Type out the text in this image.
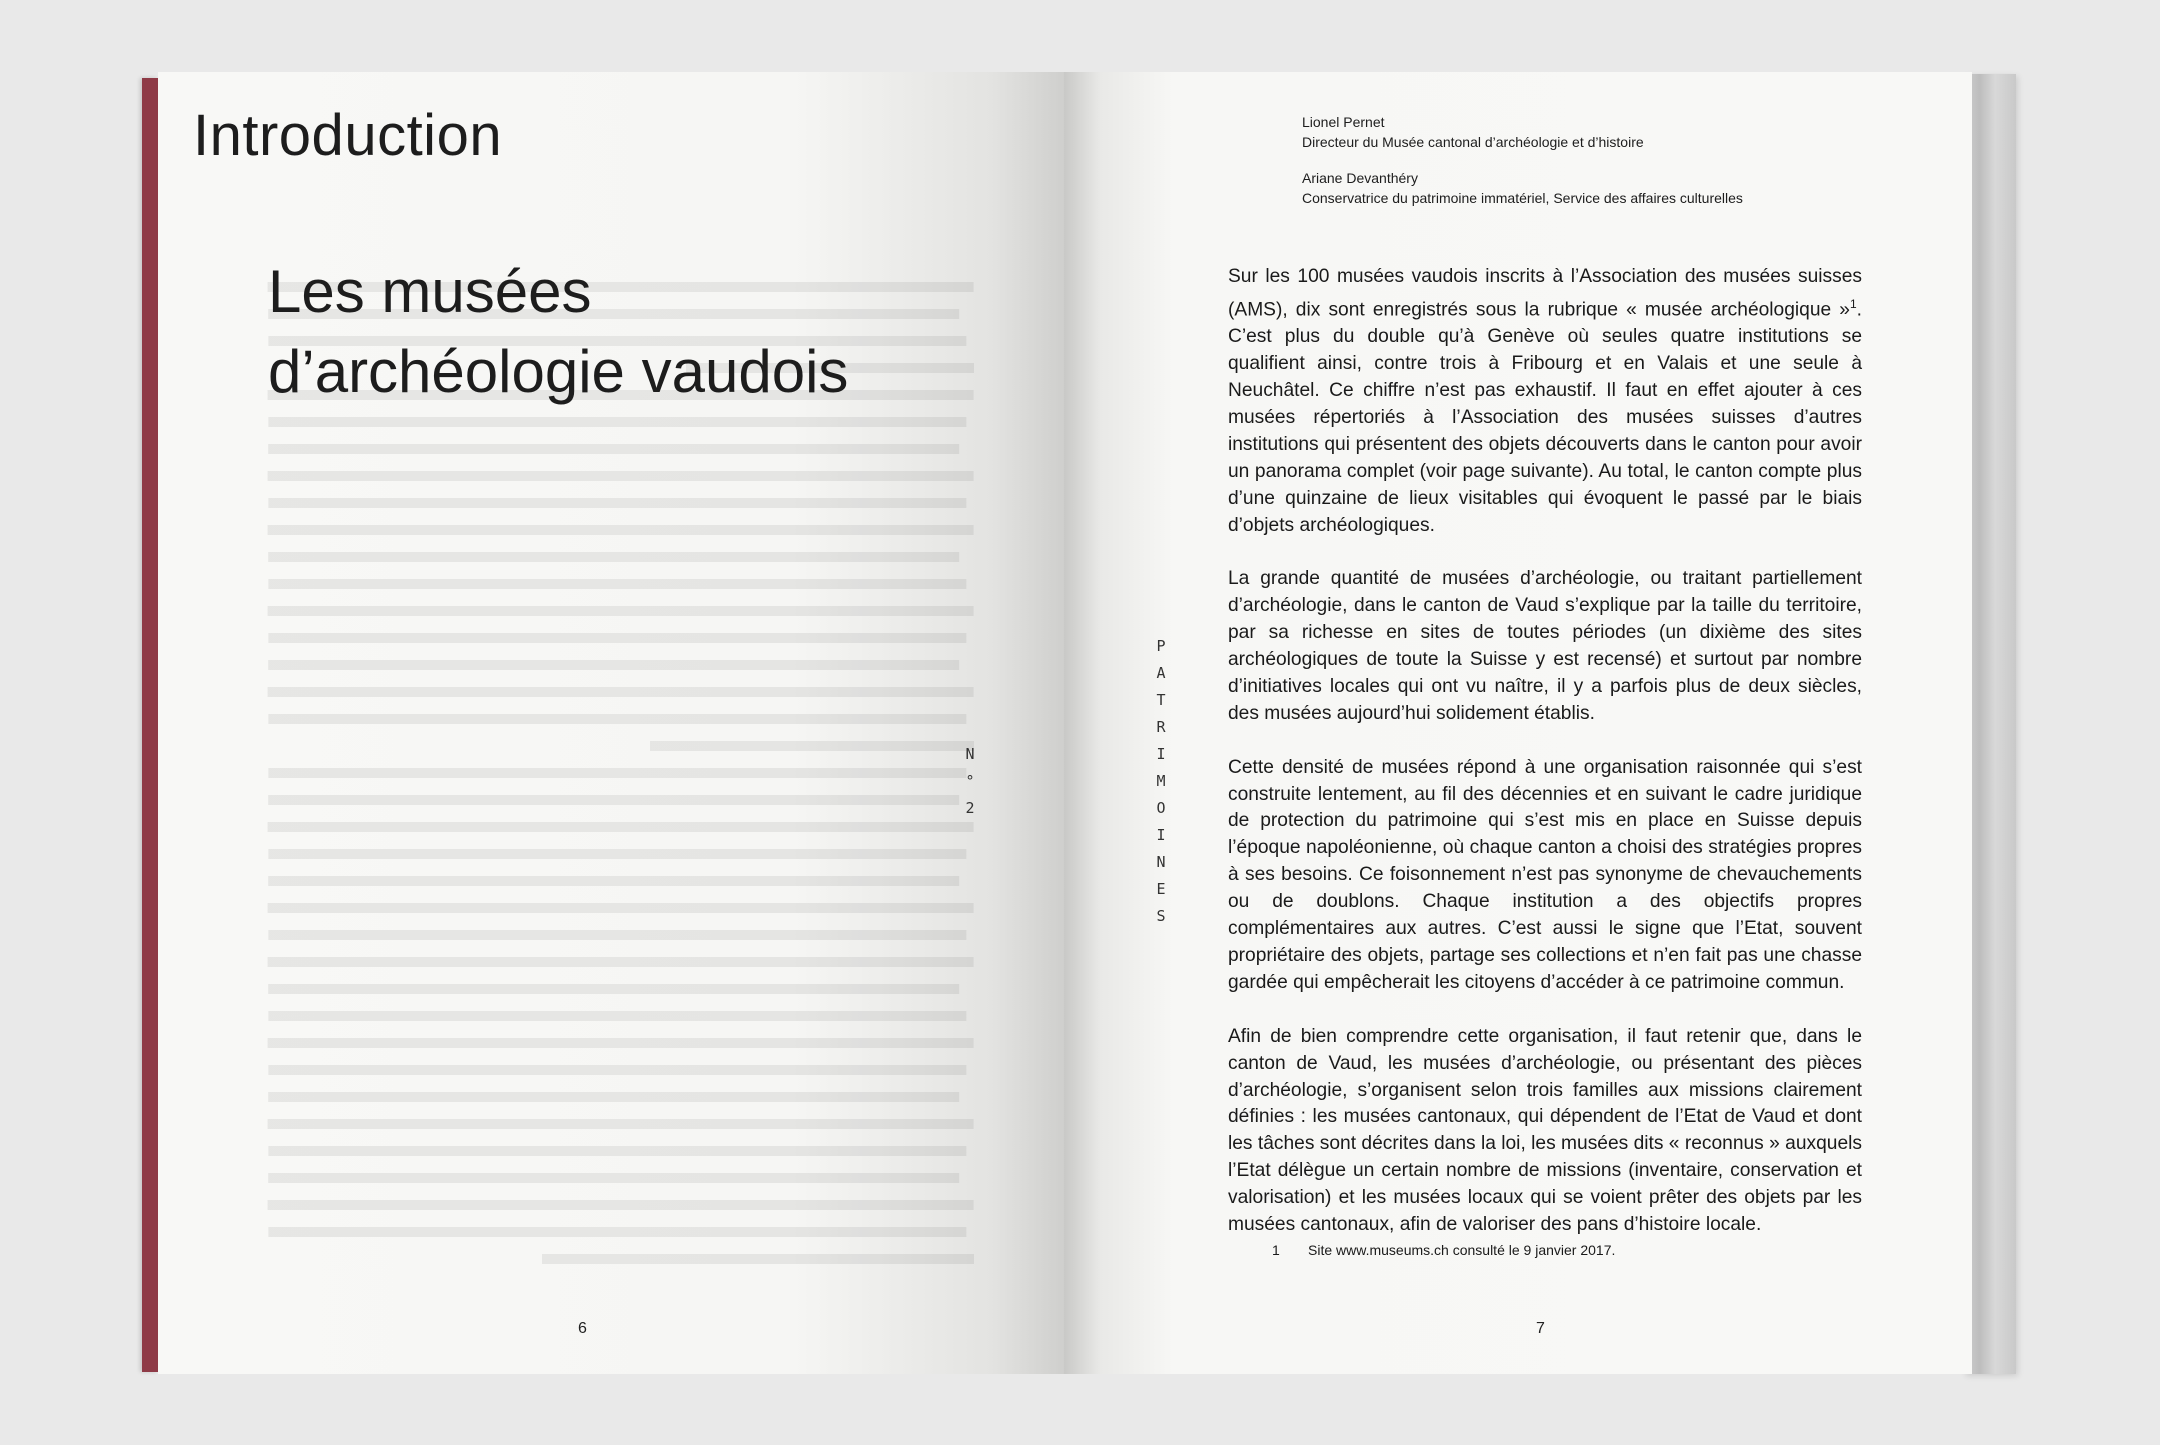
Introduction
Les musées
d’archéologie vaudois
N
°
2
6
Lionel Pernet
Directeur du Musée cantonal d’archéologie et d’histoire
Ariane Devanthéry
Conservatrice du patrimoine immatériel, Service des affaires culturelles
P
A
T
R
I
M
O
I
N
E
S

Sur les 100 musées vaudois inscrits à l’Association des musées suisses (AMS), dix sont enregistrés sous la rubrique « musée archéologique »$^1$. C’est plus du double qu’à Genève où seules quatre institutions se qualifient ainsi, contre trois à Fribourg et en Valais et une seule à Neuchâtel. Ce chiffre n’est pas exhaustif. Il faut en effet ajouter à ces musées répertoriés à l’Association des musées suisses d’autres institutions qui présentent des objets découverts dans le canton pour avoir un panorama complet (voir page suivante). Au total, le canton compte plus d’une quinzaine de lieux visitables qui évoquent le passé par le biais d’objets archéologiques.

La grande quantité de musées d’archéologie, ou traitant partiellement d’archéologie, dans le canton de Vaud s’explique par la taille du territoire, par sa richesse en sites de toutes périodes (un dixième des sites archéologiques de toute la Suisse y est recensé) et surtout par nombre d’initiatives locales qui ont vu naître, il y a parfois plus de deux siècles, des musées aujourd’hui solidement établis.

Cette densité de musées répond à une organisation raisonnée qui s’est construite lentement, au fil des décennies et en suivant le cadre juridique de protection du patrimoine qui s’est mis en place en Suisse depuis l’époque napoléonienne, où chaque canton a choisi des stratégies propres à ses besoins. Ce foisonnement n’est pas synonyme de chevauchements ou de doublons. Chaque institution a des objectifs propres complémentaires aux autres. C’est aussi le signe que l’Etat, souvent propriétaire des objets, partage ses collections et n’en fait pas une chasse gardée qui empêcherait les citoyens d’accéder à ce patrimoine commun.

Afin de bien comprendre cette organisation, il faut retenir que, dans le canton de Vaud, les musées d’archéologie, ou présentant des pièces d’archéologie, s’organisent selon trois familles aux missions clairement définies : les musées cantonaux, qui dépendent de l’Etat de Vaud et dont les tâches sont décrites dans la loi, les musées dits « reconnus » auxquels l’Etat délègue un certain nombre de missions (inventaire, conservation et valorisation) et les musées locaux qui se voient prêter des objets par les musées cantonaux, afin de valoriser des pans d’histoire locale.

1 Site www.museums.ch consulté le 9 janvier 2017.
7
